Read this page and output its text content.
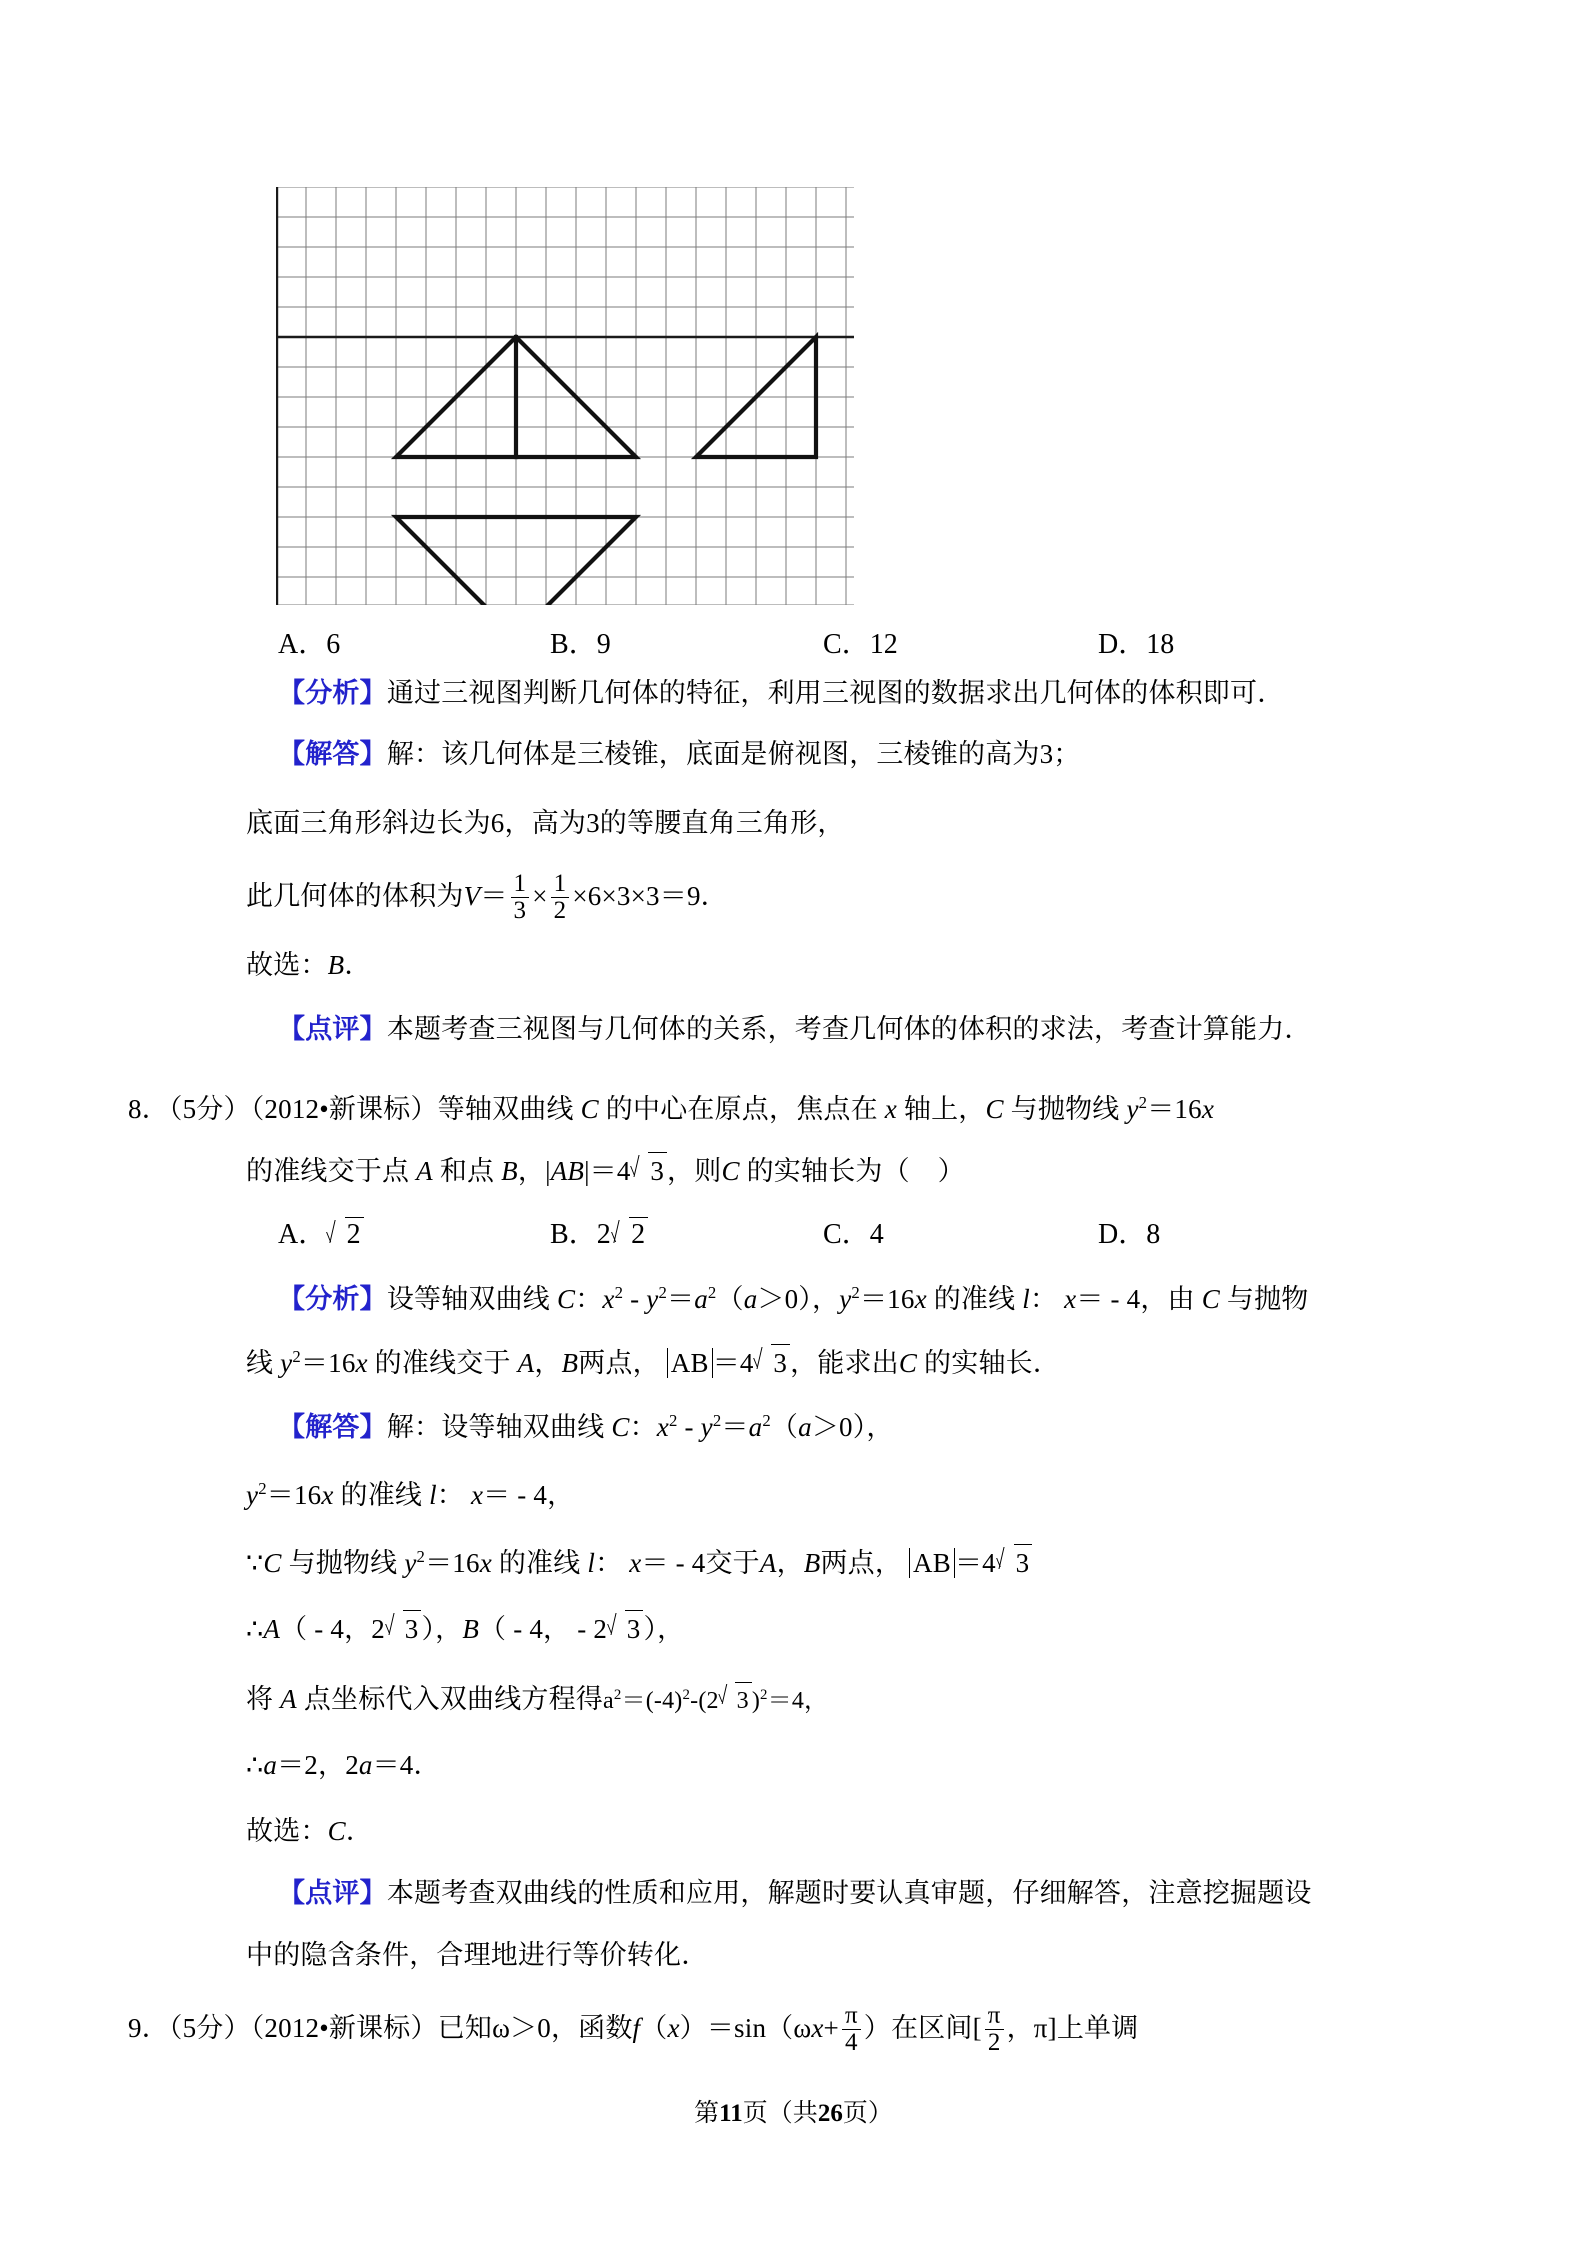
A．6	B．9	C．12	D．18
【分析】通过三视图判断几何体的特征，利用三视图的数据求出几何体的体积即可．
【解答】解：该几何体是三棱锥，底面是俯视图，三棱锥的高为3；
底面三角形斜边长为6，高为3的等腰直角三角形，
此几何体的体积为$V= \frac{1}{3} \times \frac{1}{2} \times 6\times 3\times 3=9$．
故选：B．
【点评】本题考查三视图与几何体的关系，考查几何体的体积的求法，考查计算能力．
8．（5分）（2012•新课标）等轴双曲线 C 的中心在原点，焦点在 x 轴上，C 与抛物线 $y^2=16x$
的准线交于点 A 和点 B，|AB|＝4 3 ，则C 的实轴长为（ ）
A． 2	B．2 2	C．4	D．8
【分析】设等轴双曲线 C：$x^2 - y^2=a^2(a>0)$，$y^2=16x$ 的准线 l： x＝ - 4，由 C 与抛物
线 $y^2=16x$ 的准线交于 A，B两点， AB ＝4 3 ，能求出C 的实轴长．
【解答】解：设等轴双曲线 C：$x^2 - y^2=a^2(a>0)$，
$y^2=16x$ 的准线 l： x＝ - 4，
∵C 与抛物线 $y^2=16x$ 的准线 l： x＝ - 4交于A，B两点， AB ＝4 3
∴A（ - 4，2 3 ），B（ - 4， - 2 3 ），
将 A 点坐标代入双曲线方程得$a^2=(-4)^2-(2$ 3 )$^2$＝4，
∴a＝2，2a＝4．
故选：C．
【点评】本题考查双曲线的性质和应用，解题时要认真审题，仔细解答，注意挖掘题设
中的隐含条件，合理地进行等价转化．
9．（5分）（2012•新课标）已知ω＞0，函数$f(x)=\sin(\omega x+ \frac{\pi}{4}$ ）在区间[ $\frac{\pi}{2}$ ，π]上单调
第11页（共26页）
